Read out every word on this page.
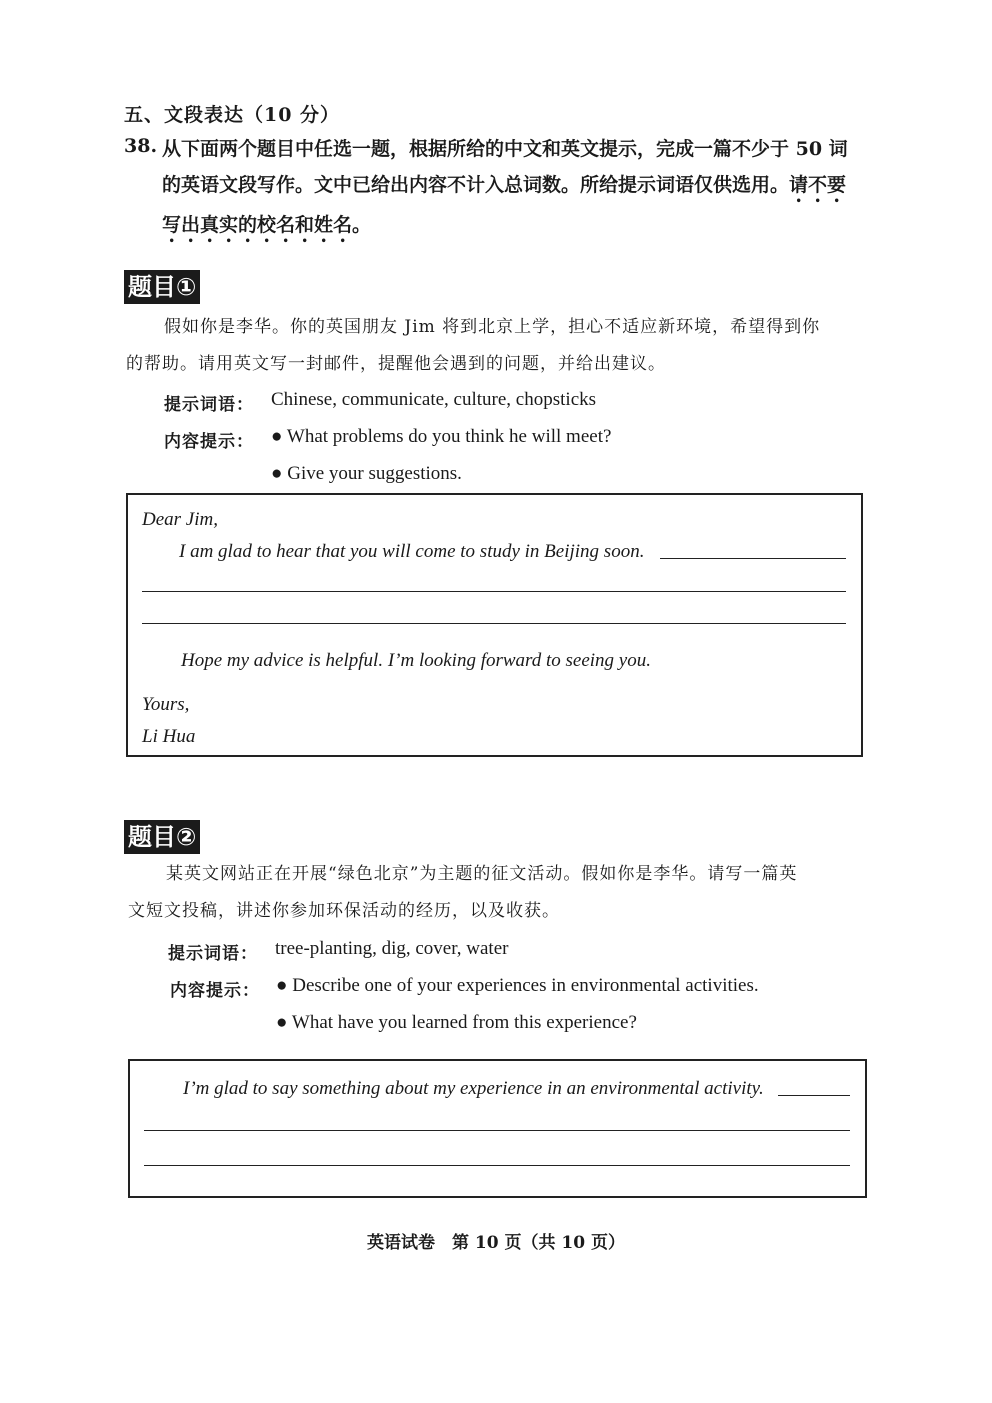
五、文段表达（10 分）
38. 从下面两个题目中任选一题，根据所给的中文和英文提示，完成一篇不少于 50 词的英语文段写作。文中已给出内容不计入总词数。所给提示词语仅供选用。请不要写出真实的校名和姓名。
题目①
假如你是李华。你的英国朋友 Jim 将到北京上学，担心不适应新环境，希望得到你
的帮助。请用英文写一封邮件，提醒他会遇到的问题，并给出建议。
提示词语： Chinese, communicate, culture, chopsticks
内容提示： ● What problems do you think he will meet?
● Give your suggestions.
Dear Jim,
I am glad to hear that you will come to study in Beijing soon.
Hope my advice is helpful. I’m looking forward to seeing you.
Yours,
Li Hua
题目②
某英文网站正在开展“绿色北京”为主题的征文活动。假如你是李华。请写一篇英
文短文投稿，讲述你参加环保活动的经历，以及收获。
提示词语： tree-planting, dig, cover, water
内容提示： ● Describe one of your experiences in environmental activities.
● What have you learned from this experience?
I’m glad to say something about my experience in an environmental activity.
英语试卷　第 10 页（共 10 页）
